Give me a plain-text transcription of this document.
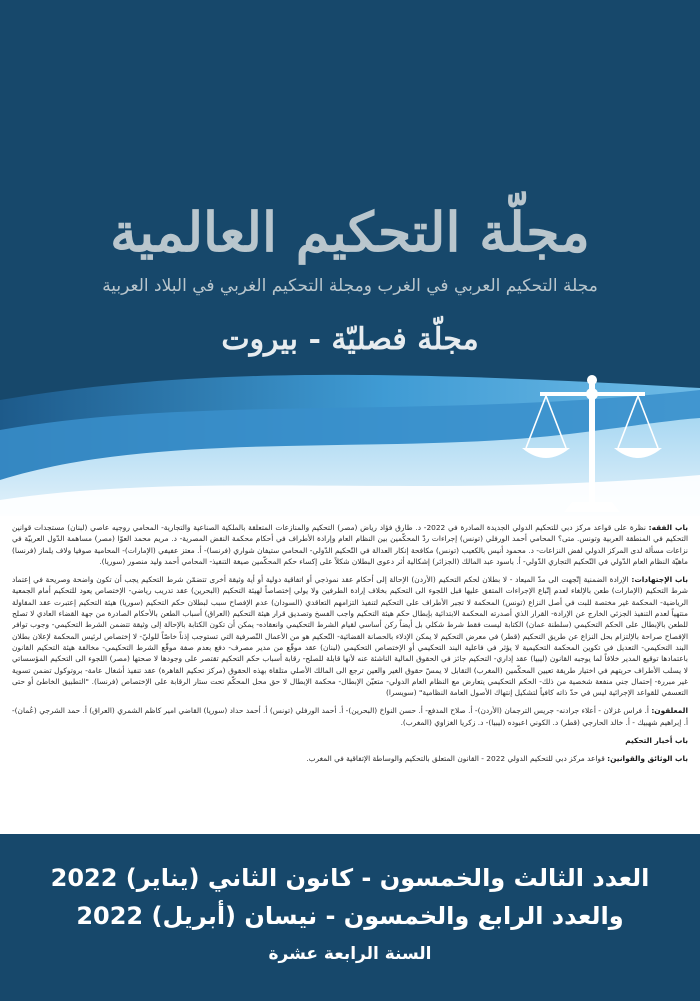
مجلّة التحكيم العالمية
مجلة التحكيم العربي في الغرب ومجلة التحكيم الغربي في البلاد العربية
مجلّة فصليّة - بيروت

باب الفقه: نظرة على قواعد مركز دبي للتحكيم الدولي الجديدة الصادرة في 2022- د. طارق فؤاد رياض (مصر) التحكيم والمنازعات المتعلقة بالملكية الصناعية والتجارية- المحامي روجيه عاصي (لبنان) مستجدات قوانين التحكيم في المنطقة العربية وتونس. متى؟ المحامي أحمد الورفلي (تونس) إجراءات ردّ المحكّمين بين النظام العام وإرادة الأطراف في أحكام محكمة النقض المصرية- د. مريم محمد العوّا (مصر) مساهمة الدّول العربيّة في نزاعات مسألة لدى المركز الدولي لفض النزاعات- د. محمود أنيس بالكعيب (تونس) مكافحة إنكار العدالة في التّحكيم الدّولي- المحامي ستيفان شواري (فرنسا)- أ. معتز عفيفي (الإمارات)- المحامية صوفيا ولاف يلماز (فرنسا) ماهيّة النظام العام الدّولي في التّحكيم التجاري الدّولي- أ. باسود عبد المالك (الجزائر) إشكالية أثر دعوى البطلان شكلاً على إكساء حكم المحكّمين صيغة التنفيذ- المحامي أحمد وليد منصور (سوريا).

باب الإجتهادات: الإرادة الضمنية إتّجهت الى مدّ الميعاد - لا بطلان لحكم التحكيم (الأردن) الإحالة إلى أحكام عقد نموذجي أو اتفاقية دولية أو أية وثيقة أخرى تتضمّن شرط التحكيم يجب أن تكون واضحة وصريحة في إعتماد شرط التحكيم (الإمارات) طعن بالإلغاء لعدم إتّباع الإجراءات المتفق عليها قبل اللجوء الى التحكيم بخلاف إرادة الطرفين ولا يولي إختصاصاً لهيئة التحكيم (البحرين) عقد تدريب رياضي- الإختصاص يعود للتحكيم أمام الجمعية الرياضية- المحكمة غير مختصة للبت في أصل النزاع (تونس) المحكمة لا تجبر الأطراف على التحكيم لتنفيذ التزامهم التعاقدي (السودان) عدم الإفصاح سبب لبطلان حكم التحكيم (سوريا) هيئة التحكيم إعتبرت عقد المقاولة منتهياً لعدم التنفيذ الجزئي الخارج عن الإرادة- القرار الذي أصدرته المحكمة الابتدائية بإبطال حكم هيئة التحكيم واجب الفسخ وتصديق قرار هيئة التحكيم (العراق) أسباب الطعن بالأحكام الصادرة من جهة القضاء العادي لا تصلح للطعن بالإبطال على الحكم التحكيمي (سلطنة عمان) الكتابة ليست فقط شرط شكلي بل أيضاً ركن أساسي لقيام الشرط التحكيمي وانعقاده- يمكن أن تكون الكتابة بالإحالة إلى وثيقة تتضمن الشرط التحكيمي- وجوب توافر الإفصاح صراحة بالإلتزام بحل النزاع عن طريق التحكيم (قطر) في معرض التحكيم لا يمكن الإدلاء بالحصانة القضائية- التّحكيم هو من الأعمال التّصرفية التي تستوجب إذناً خاصّاً للوليّ- لا إختصاص لرئيس المحكمة لإعلان بطلان البند التحكيمي- التعديل في تكوين المحكمة التحكيمية لا يؤثر في فاعلية البند التحكيمي أو الإختصاص التحكيمي (لبنان) عقد موقّع من مدير مصرف- دفع بعدم صفة موقّع الشرط التحكيمي- مخالفة هيئة التحكيم القانون باعتمادها توقيع المدير خلافاً لما يوجبه القانون (ليبيا) عقد إداري- التحكيم جائز في الحقوق المالية الناشئة عنه لأنها قابلة للصلح- رقابة أسباب حكم التحكيم تقتصر على وجودها لا صحتها (مصر) اللجوء الى التحكيم المؤسساتي لا يسلب الأطراف حريتهم في اختيار طريقة تعيين المحكّمين (المغرب) التقابل لا يمسّ حقوق الغير والعين ترجع الى المالك الأصلي متلقاة بهذه الحقوق (مركز تحكيم القاهرة) عقد تنفيذ أشغال عامة- بروتوكول تضمن تسوية غير مبررة- إحتمال جني منفعة شخصية من ذلك- الحكم التحكيمي يتعارض مع النظام العام الدولي- متعيّن الإبطال- محكمة الإبطال لا حق محل المحكّم تحت ستار الرقابة على الإختصاص (فرنسا). "التطبيق الخاطئ أو حتى التعسفي للقواعد الإجرائية ليس في حدّ ذاته كافياً لتشكيل إنتهاك الأصول العامة النظامية" (سويسرا)

المعلقون: أ. فراس غزلان - أعلاء جرادنه- جريس الترجمان (الأردن)- أ. صلاح المدفع- أ. حسن النواخ (البحرين)- أ. أحمد الورفلي (تونس) أ. أحمد حداد (سوريا) القاضي امير كاظم الشمري (العراق) أ. حمد الشرجي (عُمان)- أ. إبراهيم شهبيك - أ. خالد الحارجي (قطر) د. الكوني اعبوده (ليبيا)- د. زكريا الغزاوي (المغرب).

باب أخبار التحكيم

باب الوثائق والقوانين: قواعد مركز دبي للتحكيم الدولي 2022 - القانون المتعلق بالتحكيم والوساطة الإتفاقية في المغرب.

العدد الثالث والخمسون - كانون الثاني (يناير) 2022
والعدد الرابع والخمسون - نيسان (أبريل) 2022
السنة الرابعة عشرة
